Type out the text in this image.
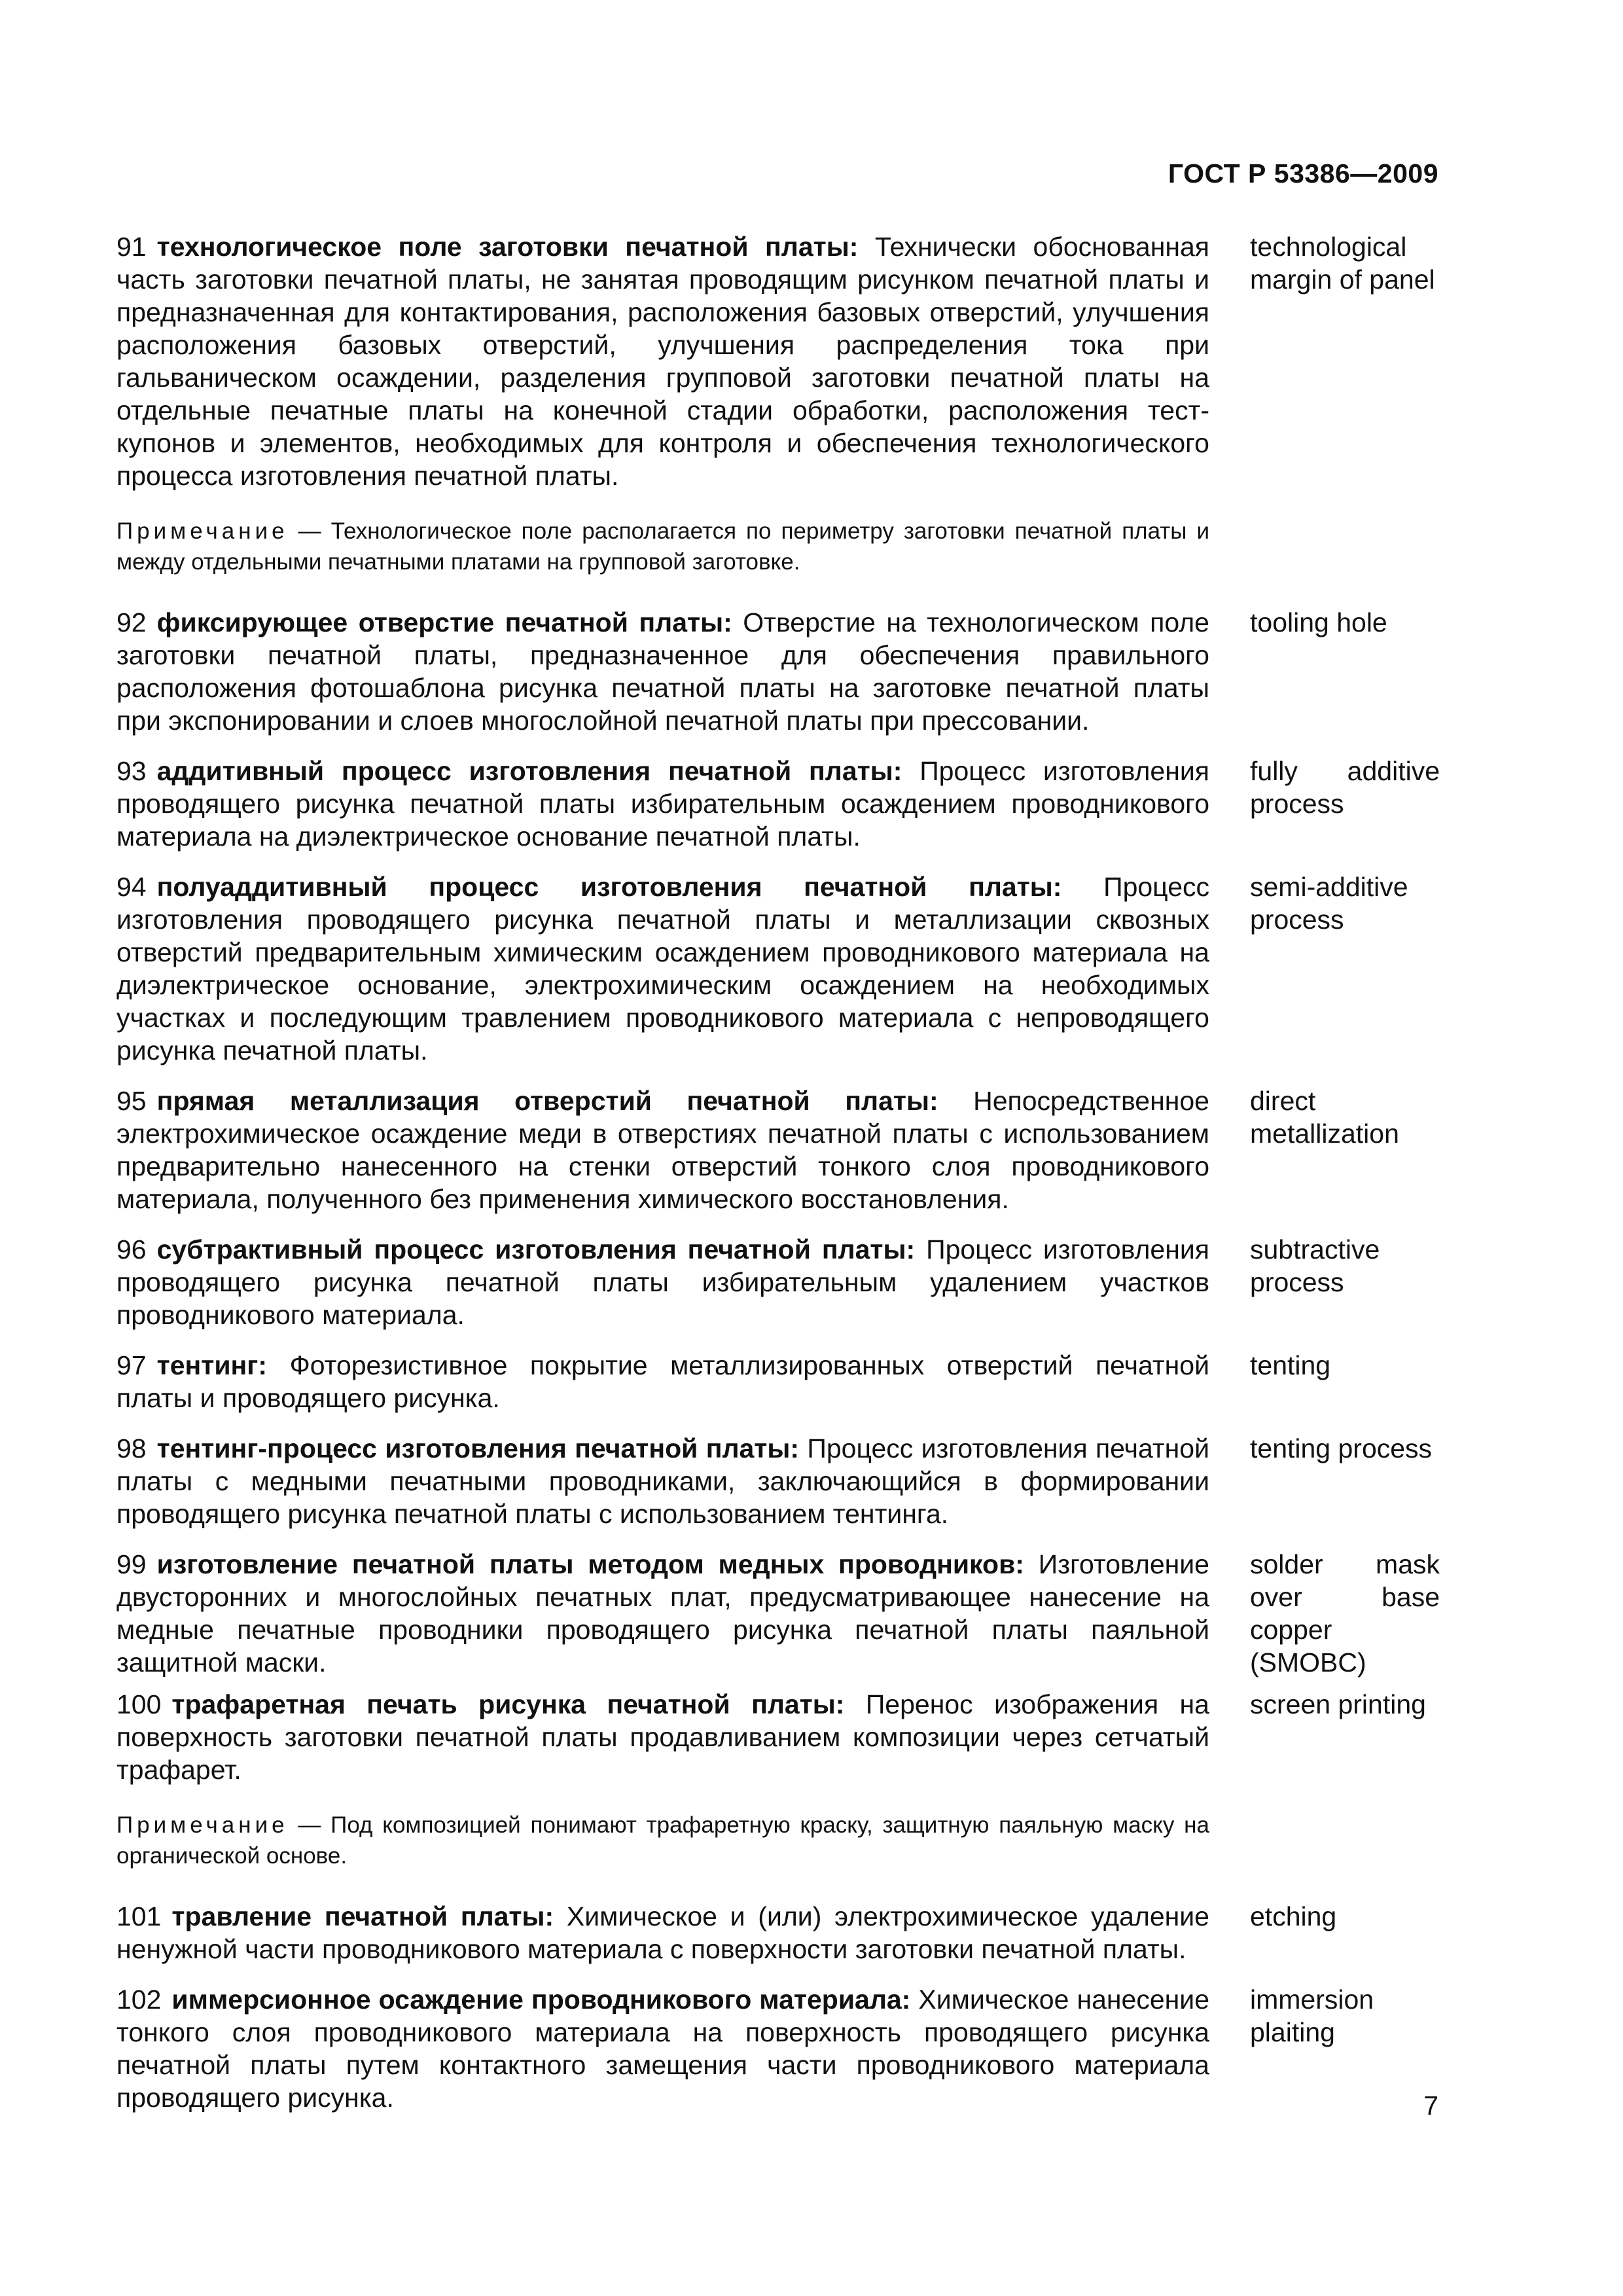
ГОСТ Р 53386—2009
91 технологическое поле заготовки печатной платы: Технически обоснованная часть заготовки печатной платы, не занятая проводящим рисунком печатной платы и предназначенная для контактирования, расположения базовых отверстий, улучшения расположения базовых отверстий, улучшения распределения тока при гальваническом осаждении, разделения групповой заготовки печатной платы на отдельные печатные платы на конечной стадии обработки, расположения тест-купонов и элементов, необходимых для контроля и обеспечения технологического процесса изготовления печатной платы.
technological margin of panel
Примечание — Технологическое поле располагается по периметру заготовки печатной платы и между отдельными печатными платами на групповой заготовке.
92 фиксирующее отверстие печатной платы: Отверстие на технологическом поле заготовки печатной платы, предназначенное для обеспечения правильного расположения фотошаблона рисунка печатной платы на заготовке печатной платы при экспонировании и слоев многослойной печатной платы при прессовании.
tooling hole
93 аддитивный процесс изготовления печатной платы: Процесс изготовления проводящего рисунка печатной платы избирательным осаждением проводникового материала на диэлектрическое основание печатной платы.
fully additive process
94 полуаддитивный процесс изготовления печатной платы: Процесс изготовления проводящего рисунка печатной платы и металлизации сквозных отверстий предварительным химическим осаждением проводникового материала на диэлектрическое основание, электрохимическим осаждением на необходимых участках и последующим травлением проводникового материала с непроводящего рисунка печатной платы.
semi-additive process
95 прямая металлизация отверстий печатной платы: Непосредственное электрохимическое осаждение меди в отверстиях печатной платы с использованием предварительно нанесенного на стенки отверстий тонкого слоя проводникового материала, полученного без применения химического восстановления.
direct metallization
96 субтрактивный процесс изготовления печатной платы: Процесс изготовления проводящего рисунка печатной платы избирательным удалением участков проводникового материала.
subtractive process
97 тентинг: Фоторезистивное покрытие металлизированных отверстий печатной платы и проводящего рисунка.
tenting
98 тентинг-процесс изготовления печатной платы: Процесс изготовления печатной платы с медными печатными проводниками, заключающийся в формировании проводящего рисунка печатной платы с использованием тентинга.
tenting process
99 изготовление печатной платы методом медных проводников: Изготовление двусторонних и многослойных печатных плат, предусматривающее нанесение на медные печатные проводники проводящего рисунка печатной платы паяльной защитной маски.
solder mask over base copper (SMOBC)
100 трафаретная печать рисунка печатной платы: Перенос изображения на поверхность заготовки печатной платы продавливанием композиции через сетчатый трафарет.
screen printing
Примечание — Под композицией понимают трафаретную краску, защитную паяльную маску на органической основе.
101 травление печатной платы: Химическое и (или) электрохимическое удаление ненужной части проводникового материала с поверхности заготовки печатной платы.
etching
102 иммерсионное осаждение проводникового материала: Химическое нанесение тонкого слоя проводникового материала на поверхность проводящего рисунка печатной платы путем контактного замещения части проводникового материала проводящего рисунка.
immersion plaiting
7
